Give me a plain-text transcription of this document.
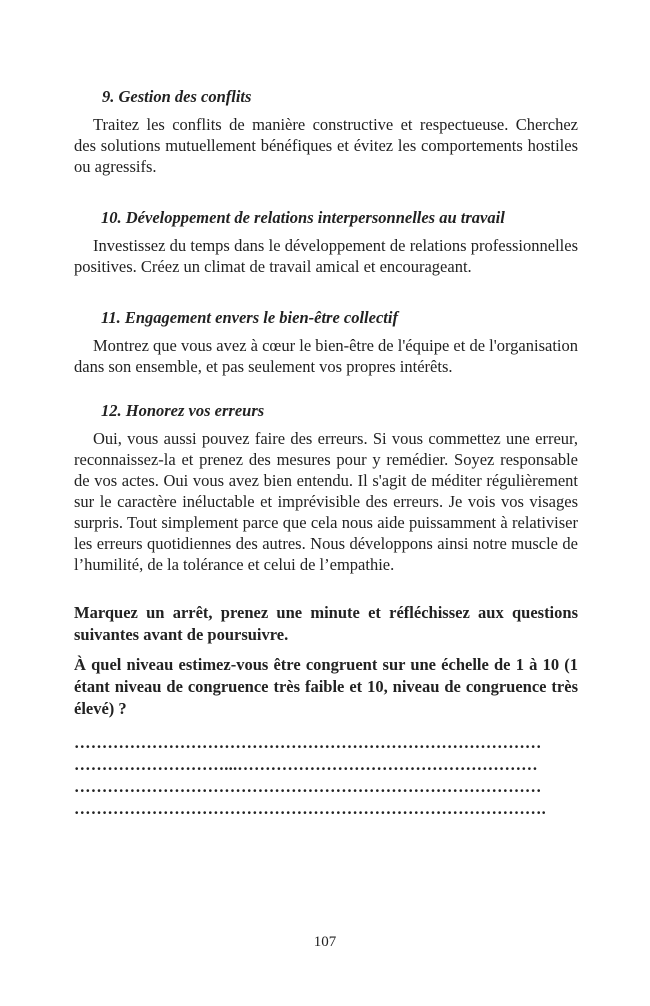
9. Gestion des conflits

Traitez les conflits de manière constructive et respectueuse. Cherchez des solutions mutuellement bénéfiques et évitez les comportements hostiles ou agressifs.

10. Développement de relations interpersonnelles au travail

Investissez du temps dans le développement de relations professionnelles positives. Créez un climat de travail amical et encourageant.

11. Engagement envers le bien-être collectif

Montrez que vous avez à cœur le bien-être de l'équipe et de l'organisation dans son ensemble, et pas seulement vos propres intérêts.

12. Honorez vos erreurs

Oui, vous aussi pouvez faire des erreurs. Si vous commettez une erreur, reconnaissez-la et prenez des mesures pour y remédier. Soyez responsable de vos actes. Oui vous avez bien entendu. Il s'agit de méditer régulièrement sur le caractère inéluctable et imprévisible des erreurs. Je vois vos visages surpris. Tout simplement parce que cela nous aide puissamment à relativiser les erreurs quotidiennes des autres. Nous développons ainsi notre muscle de l’humilité, de la tolérance et celui de l’empathie.

Marquez un arrêt, prenez une minute et réfléchissez aux questions suivantes avant de poursuivre.

À quel niveau estimez-vous être congruent sur une échelle de 1 à 10 (1 étant niveau de congruence très faible et 10, niveau de congruence très élevé) ?

…………………………………………………………………………

………………………...………………………………………………

…………………………………………………………………………

………………………………………………………………………….

107
